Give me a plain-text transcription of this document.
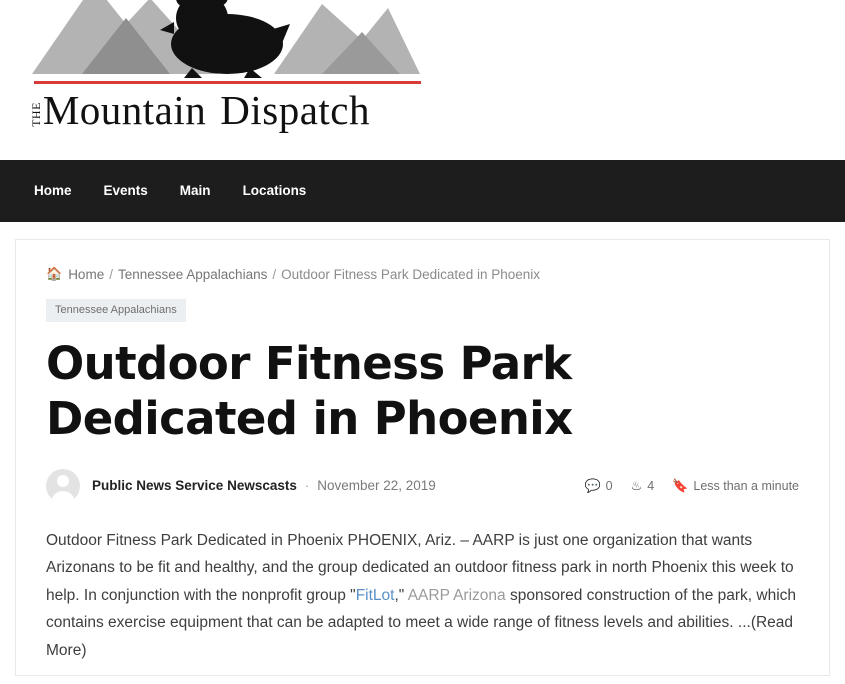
THEMountain Dispatch
Home	Events	Main	Locations
🏠 Home / Tennessee Appalachians / Outdoor Fitness Park Dedicated in Phoenix
Tennessee Appalachians
Outdoor Fitness Park Dedicated in Phoenix
Public News Service Newscasts · November 22, 2019	💬 0 ♨ 4 🔖 Less than a minute
Outdoor Fitness Park Dedicated in Phoenix PHOENIX, Ariz. – AARP is just one organization that wants Arizonans to be fit and healthy, and the group dedicated an outdoor fitness park in north Phoenix this week to help. In conjunction with the nonprofit group "FitLot," AARP Arizona sponsored construction of the park, which contains exercise equipment that can be adapted to meet a wide range of fitness levels and abilities. ...(Read More)
